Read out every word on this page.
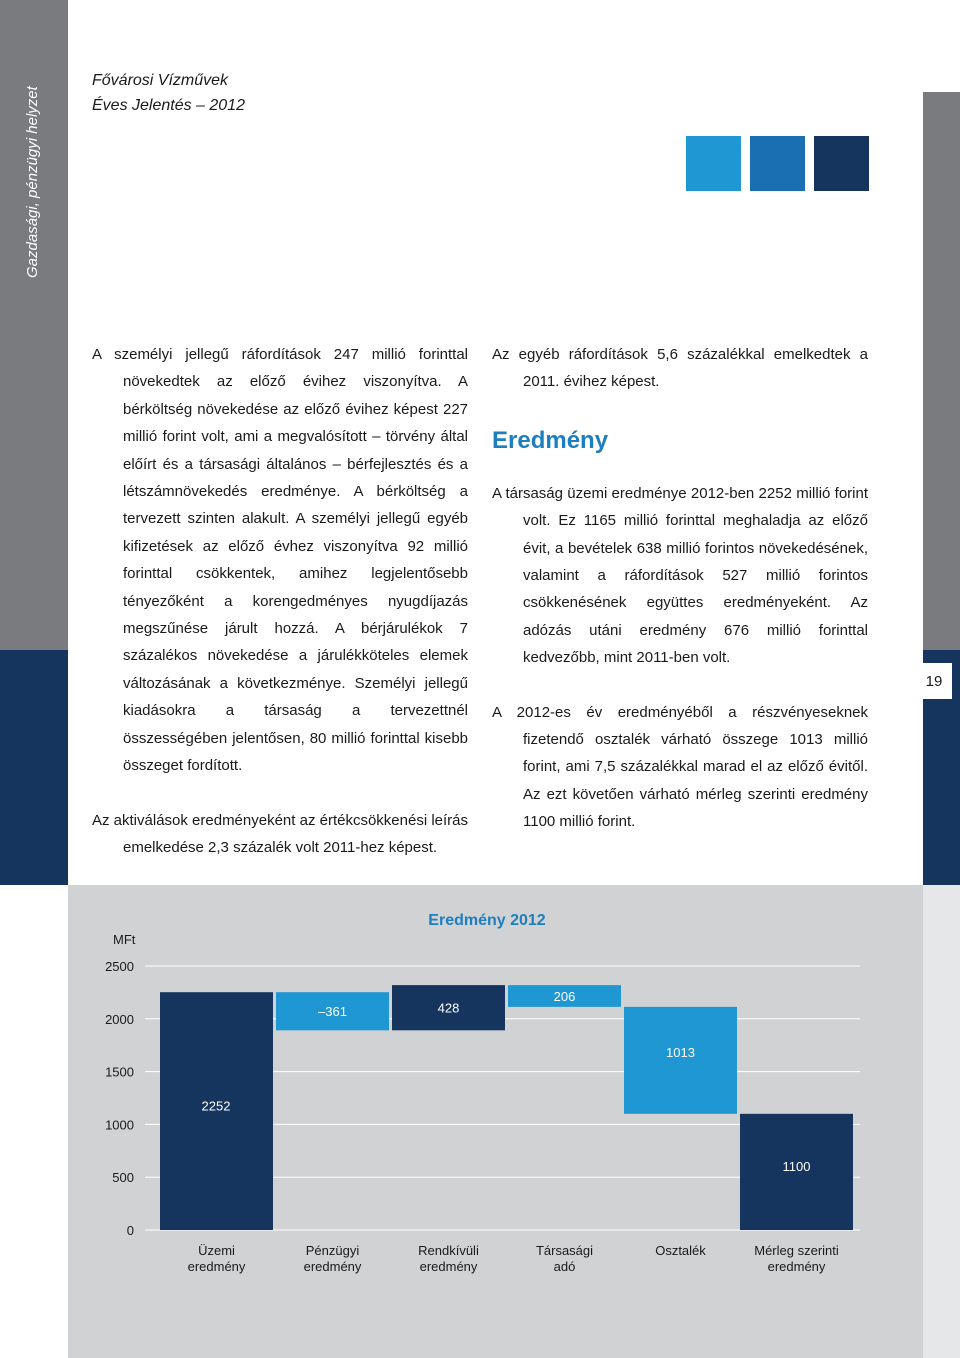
Gazdasági, pénzügyi helyzet
Fővárosi Vízművek
Éves Jelentés – 2012
19

A személyi jellegű ráfordítások 247 millió forinttal növekedtek az előző évihez viszonyítva. A bérköltség növekedése az előző évihez képest 227 millió forint volt, ami a megvalósított – törvény által előírt és a társasági általános – bérfejlesztés és a létszámnövekedés eredménye. A bérköltség a tervezett szinten alakult. A személyi jellegű egyéb kifizetések az előző évhez viszonyítva 92 millió forinttal csökkentek, amihez legjelentősebb tényezőként a korengedményes nyugdíjazás megszűnése járult hozzá. A bérjárulékok 7 százalékos növekedése a járulékköteles elemek változásának a következménye. Személyi jellegű kiadásokra a társaság a tervezettnél összességében jelentősen, 80 millió forinttal kisebb összeget fordított.

Az aktiválások eredményeként az értékcsökkenési leírás emelkedése 2,3 százalék volt 2011-hez képest.

Az egyéb ráfordítások 5,6 százalékkal emelkedtek a 2011. évihez képest.

Eredmény

A társaság üzemi eredménye 2012-ben 2252 millió forint volt. Ez 1165 millió forinttal meghaladja az előző évit, a bevételek 638 millió forintos növekedésének, valamint a ráfordítások 527 millió forintos csökkenésének együttes eredményeként. Az adózás utáni eredmény 676 millió forinttal kedvezőbb, mint 2011-ben volt.

A 2012-es év eredményéből a részvényeseknek fizetendő osztalék várható összege 1013 millió forint, ami 7,5 százalékkal marad el az előző évitől. Az ezt követően várható mérleg szerinti eredmény 1100 millió forint.

Eredmény 2012
MFt
0
500
1000
1500
2000
2500
2252
–361	428
206
1013
1100
Üzemi
eredmény
Pénzügyi
eredmény
Rendkívüli
eredmény
Társasági
adó
Osztalék	Mérleg szerinti
eredmény
